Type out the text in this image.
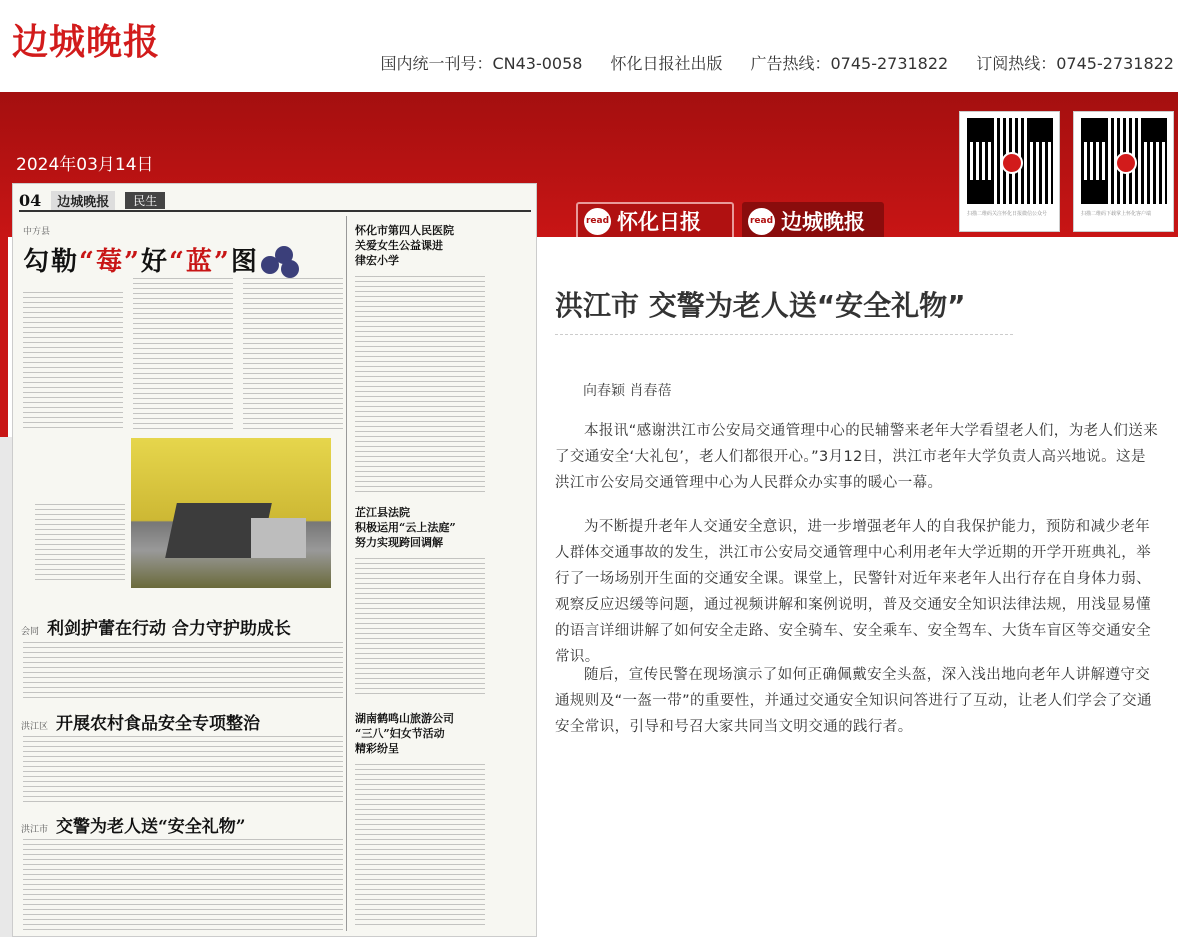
边城晚报
国内统一刊号：CN43-0058 怀化日报社出版 广告热线：0745-2731822 订阅热线：0745-2731822
2024年03月14日
扫描二维码关注怀化日报微信公众号	扫描二维码下载掌上怀化客户端
read 怀化日报	read 边城晚报
04	边城晚报	民生
中方县
勾勒“莓”好“蓝”图
会同 利剑护蕾在行动 合力守护助成长
洪江区 开展农村食品安全专项整治
洪江市 交警为老人送“安全礼物”
怀化市第四人民医院
关爱女生公益课进
律宏小学
芷江县法院
积极运用“云上法庭”
努力实现跨回调解
湖南鹤鸣山旅游公司
“三八”妇女节活动
精彩纷呈
洪江市 交警为老人送“安全礼物”
向春颖 肖春蓓

本报讯“感谢洪江市公安局交通管理中心的民辅警来老年大学看望老人们，为老人们送来了交通安全‘大礼包’，老人们都很开心。”3月12日，洪江市老年大学负责人高兴地说。这是洪江市公安局交通管理中心为人民群众办实事的暖心一幕。

为不断提升老年人交通安全意识，进一步增强老年人的自我保护能力，预防和减少老年人群体交通事故的发生，洪江市公安局交通管理中心利用老年大学近期的开学开班典礼，举行了一场场别开生面的交通安全课。课堂上，民警针对近年来老年人出行存在自身体力弱、观察反应迟缓等问题，通过视频讲解和案例说明，普及交通安全知识法律法规，用浅显易懂的语言详细讲解了如何安全走路、安全骑车、安全乘车、安全驾车、大货车盲区等交通安全常识。

随后，宣传民警在现场演示了如何正确佩戴安全头盔，深入浅出地向老年人讲解遵守交通规则及“一盔一带”的重要性，并通过交通安全知识问答进行了互动，让老人们学会了交通安全常识，引导和号召大家共同当文明交通的践行者。
